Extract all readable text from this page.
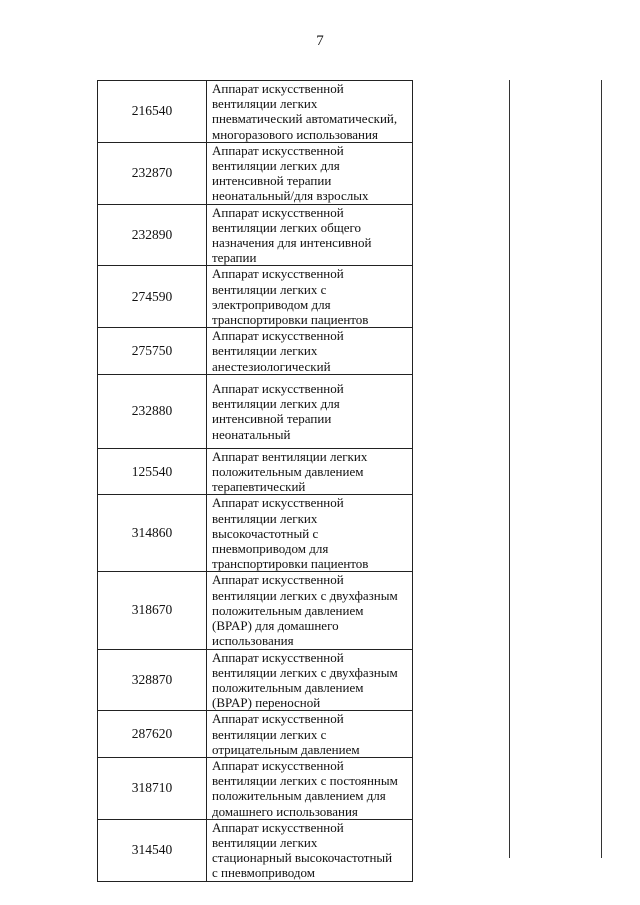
7
216540	Аппарат искусственной
вентиляции легких
пневматический автоматический,
многоразового использования
232870	Аппарат искусственной
вентиляции легких для
интенсивной терапии
неонатальный/для взрослых
232890	Аппарат искусственной
вентиляции легких общего
назначения для интенсивной
терапии
274590	Аппарат искусственной
вентиляции легких с
электроприводом для
транспортировки пациентов
275750	Аппарат искусственной
вентиляции легких
анестезиологический
232880	Аппарат искусственной
вентиляции легких для
интенсивной терапии
неонатальный
125540	Аппарат вентиляции легких
положительным давлением
терапевтический
314860	Аппарат искусственной
вентиляции легких
высокочастотный с
пневмоприводом для
транспортировки пациентов
318670	Аппарат искусственной
вентиляции легких с двухфазным
положительным давлением
(BPAP) для домашнего
использования
328870	Аппарат искусственной
вентиляции легких с двухфазным
положительным давлением
(BPAP) переносной
287620	Аппарат искусственной
вентиляции легких с
отрицательным давлением
318710	Аппарат искусственной
вентиляции легких с постоянным
положительным давлением для
домашнего использования
314540	Аппарат искусственной
вентиляции легких
стационарный высокочастотный
с пневмоприводом
